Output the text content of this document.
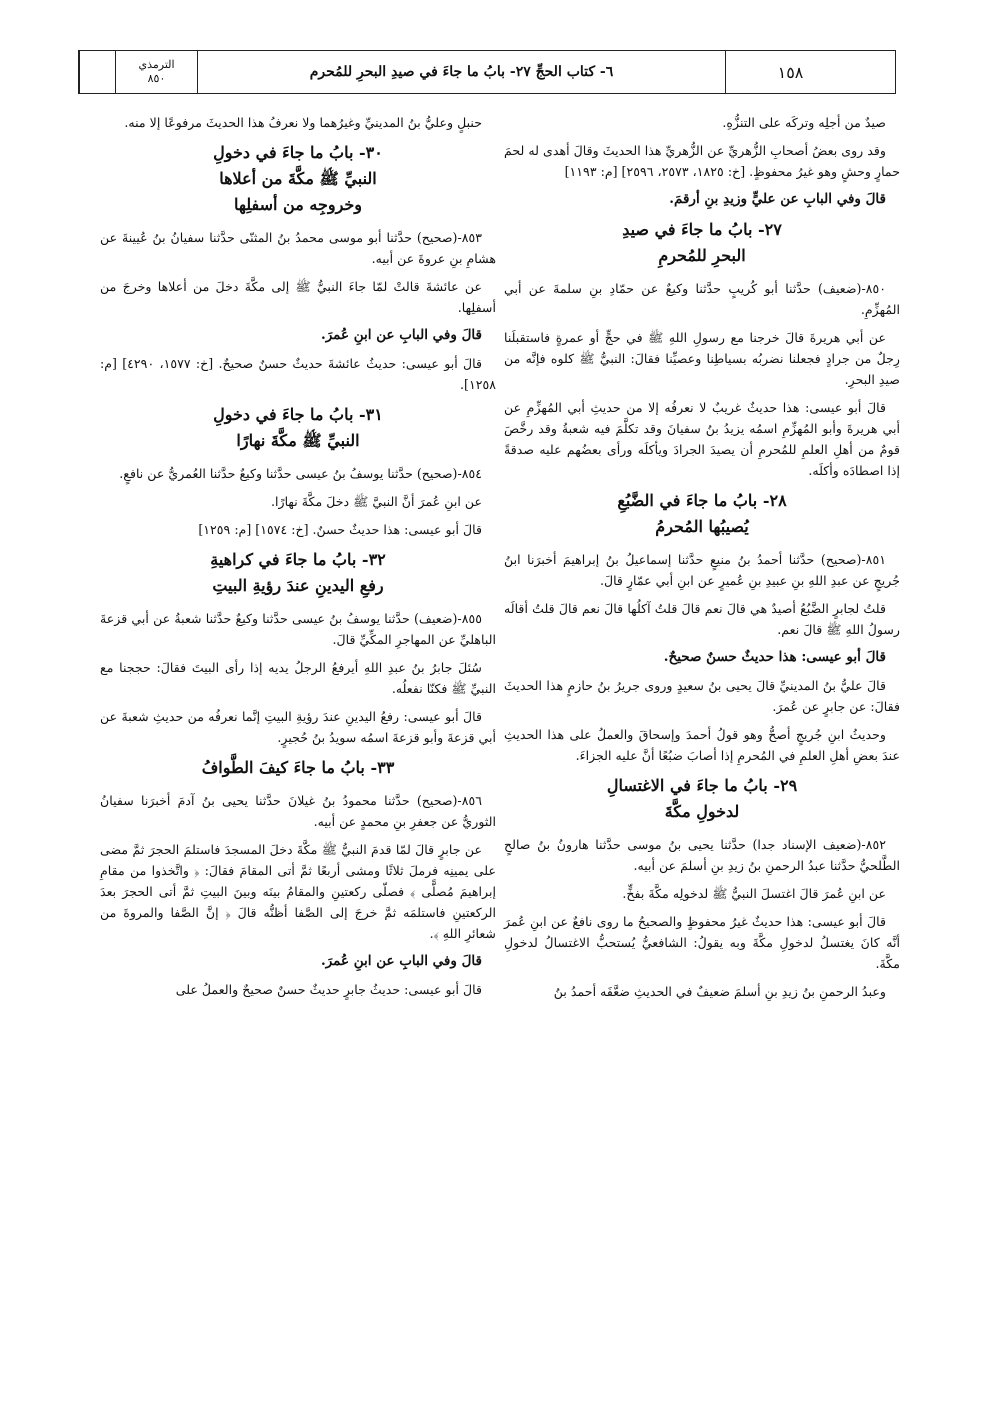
الترمذي
٨٥٠	٦- كتاب الحجِّ ٢٧- بابُ ما جاءَ في صيدِ البحرِ للمُحرم	١٥٨

صيدٌ من أجلِه وتركَه على التنزُّهِ.

وقد روى بعضُ أصحابِ الزُّهريِّ عن الزُّهريِّ هذا الحديثَ وقالَ أهدى له لحمَ حمارٍ وحشٍ وهو غيرُ محفوظٍ. [خ: ١٨٢٥، ٢٥٧٣، ٢٥٩٦] [م: ١١٩٣]

قالَ وفي البابِ عن عليٍّ وزيدِ بنِ أرقمَ.

٢٧- بابُ ما جاءَ في صيدِ
البحرِ للمُحرمِ

٨٥٠-(ضعيف) حدَّثنا أبو كُريبٍ حدَّثنا وكيعٌ عن حمّادِ بنِ سلمةَ عن أبي المُهزِّمِ.

عن أبي هريرةَ قالَ خرجنا مع رسولِ اللهِ ﷺ في حجٍّ أو عمرةٍ فاستقبلَنا رِجلٌ من جرادٍ فجعلنا نضربُه بسياطِنا وعصيِّنا فقالَ: النبيُّ ﷺ كلوه فإنَّه من صيدِ البحرِ.

قالَ أبو عيسى: هذا حديثٌ غريبٌ لا نعرفُه إلا من حديثِ أبي المُهزِّمِ عن أبي هريرةَ وأبو المُهزِّمِ اسمُه يزيدُ بنُ سفيانَ وقد تكلَّمَ فيه شعبةُ وقد رخَّصَ قومٌ من أهلِ العلمِ للمُحرمِ أن يصيدَ الجرادَ ويأكلَه ورأى بعضُهم عليه صدقةً إذا اصطادَه وأكلَه.

٢٨- بابُ ما جاءَ في الضَّبُعِ
يُصيبُها المُحرمُ

٨٥١-(صحيح) حدَّثنا أحمدُ بنُ منيعٍ حدَّثنا إسماعيلُ بنُ إبراهيمَ أخبرَنا ابنُ جُريجٍ عن عبدِ اللهِ بنِ عبيدِ بنِ عُميرٍ عن ابنِ أبي عمّارٍ قالَ.

قلتُ لجابرٍ الضَّبُعُ أصيدٌ هي قالَ نعم قالَ قلتُ آكلُها قالَ نعم قالَ قلتُ أقالَه رسولُ اللهِ ﷺ قالَ نعم.

قالَ أبو عيسى: هذا حديثٌ حسنٌ صحيحٌ.

قالَ عليُّ بنُ المدينيِّ قالَ يحيى بنُ سعيدٍ وروى جريرُ بنُ حازمٍ هذا الحديثَ فقالَ: عن جابرٍ عن عُمرَ.

وحديثُ ابنِ جُريجٍ أصحُّ وهو قولُ أحمدَ وإسحاقَ والعملُ على هذا الحديثِ عندَ بعضِ أهلِ العلمِ في المُحرمِ إذا أصابَ ضبُعًا أنَّ عليه الجزاءَ.

٢٩- بابُ ما جاءَ في الاغتسالِ
لدخولِ مكَّةَ

٨٥٢-(ضعيف الإسناد جدا) حدَّثنا يحيى بنُ موسى حدَّثنا هارونُ بنُ صالحٍ الطَّلحيُّ حدَّثنا عبدُ الرحمنِ بنُ زيدِ بنِ أسلمَ عن أبيه.

عن ابنِ عُمرَ قالَ اغتسلَ النبيُّ ﷺ لدخولِه مكَّةَ بفخٍّ.

قالَ أبو عيسى: هذا حديثٌ غيرُ محفوظٍ والصحيحُ ما روى نافعٌ عن ابنِ عُمرَ أنَّه كانَ يغتسلُ لدخولِ مكَّةَ وبه يقولُ: الشافعيُّ يُستحبُّ الاغتسالُ لدخولِ مكَّةَ.

وعبدُ الرحمنِ بنُ زيدِ بنِ أسلمَ ضعيفٌ في الحديثِ ضعَّفَه أحمدُ بنُ

حنبلٍ وعليُّ بنُ المدينيِّ وغيرُهما ولا نعرفُ هذا الحديثَ مرفوعًا إلا منه.

٣٠- بابُ ما جاءَ في دخولِ
النبيِّ ﷺ مكَّةَ من أعلاها
وخروجِه من أسفلِها

٨٥٣-(صحيح) حدَّثنا أبو موسى محمدُ بنُ المثنّى حدَّثنا سفيانُ بنُ عُيينةَ عن هشامِ بنِ عروةَ عن أبيه.

عن عائشةَ قالتْ لمّا جاءَ النبيُّ ﷺ إلى مكَّةَ دخلَ من أعلاها وخرجَ من أسفلِها.

قالَ وفي البابِ عن ابنِ عُمرَ.

قالَ أبو عيسى: حديثُ عائشةَ حديثٌ حسنٌ صحيحٌ. [خ: ١٥٧٧، ٤٢٩٠] [م: ١٢٥٨].

٣١- بابُ ما جاءَ في دخولِ
النبيِّ ﷺ مكَّةَ نهارًا

٨٥٤-(صحيح) حدَّثنا يوسفُ بنُ عيسى حدَّثنا وكيعٌ حدَّثنا العُمريُّ عن نافعٍ.

عن ابنِ عُمرَ أنَّ النبيَّ ﷺ دخلَ مكَّةَ نهارًا.

قالَ أبو عيسى: هذا حديثٌ حسنٌ. [خ: ١٥٧٤] [م: ١٢٥٩]

٣٢- بابُ ما جاءَ في كراهيةِ
رفعِ اليدينِ عندَ رؤيةِ البيتِ

٨٥٥-(ضعيف) حدَّثنا يوسفُ بنُ عيسى حدَّثنا وكيعٌ حدَّثنا شعبةُ عن أبي قزعةَ الباهليِّ عن المهاجرِ المكِّيِّ قالَ.

سُئلَ جابرُ بنُ عبدِ اللهِ أيرفعُ الرجلُ يديه إذا رأى البيتَ فقالَ: حججنا مع النبيِّ ﷺ فكنّا نفعلُه.

قالَ أبو عيسى: رفعُ اليدينِ عندَ رؤيةِ البيتِ إنَّما نعرفُه من حديثِ شعبةَ عن أبي قزعةَ وأبو قزعةَ اسمُه سويدُ بنُ حُجيرٍ.

٣٣- بابُ ما جاءَ كيفَ الطَّوافُ

٨٥٦-(صحيح) حدَّثنا محمودُ بنُ غيلانَ حدَّثنا يحيى بنُ آدمَ أخبرَنا سفيانُ الثوريُّ عن جعفرِ بنِ محمدٍ عن أبيه.

عن جابرٍ قالَ لمّا قدمَ النبيُّ ﷺ مكَّةَ دخلَ المسجدَ فاستلمَ الحجرَ ثمَّ مضى على يمينِه فرملَ ثلاثًا ومشى أربعًا ثمَّ أتى المقامَ فقالَ: ﴿ واتَّخذوا من مقامِ إبراهيمَ مُصلًّى ﴾ فصلّى ركعتينِ والمقامُ بينَه وبينَ البيتِ ثمَّ أتى الحجرَ بعدَ الركعتينِ فاستلمَه ثمَّ خرجَ إلى الصَّفا أظنُّه قالَ ﴿ إنَّ الصَّفا والمروةَ من شعائرِ اللهِ ﴾.

قالَ وفي البابِ عن ابنِ عُمرَ.

قالَ أبو عيسى: حديثُ جابرٍ حديثٌ حسنٌ صحيحٌ والعملُ على
